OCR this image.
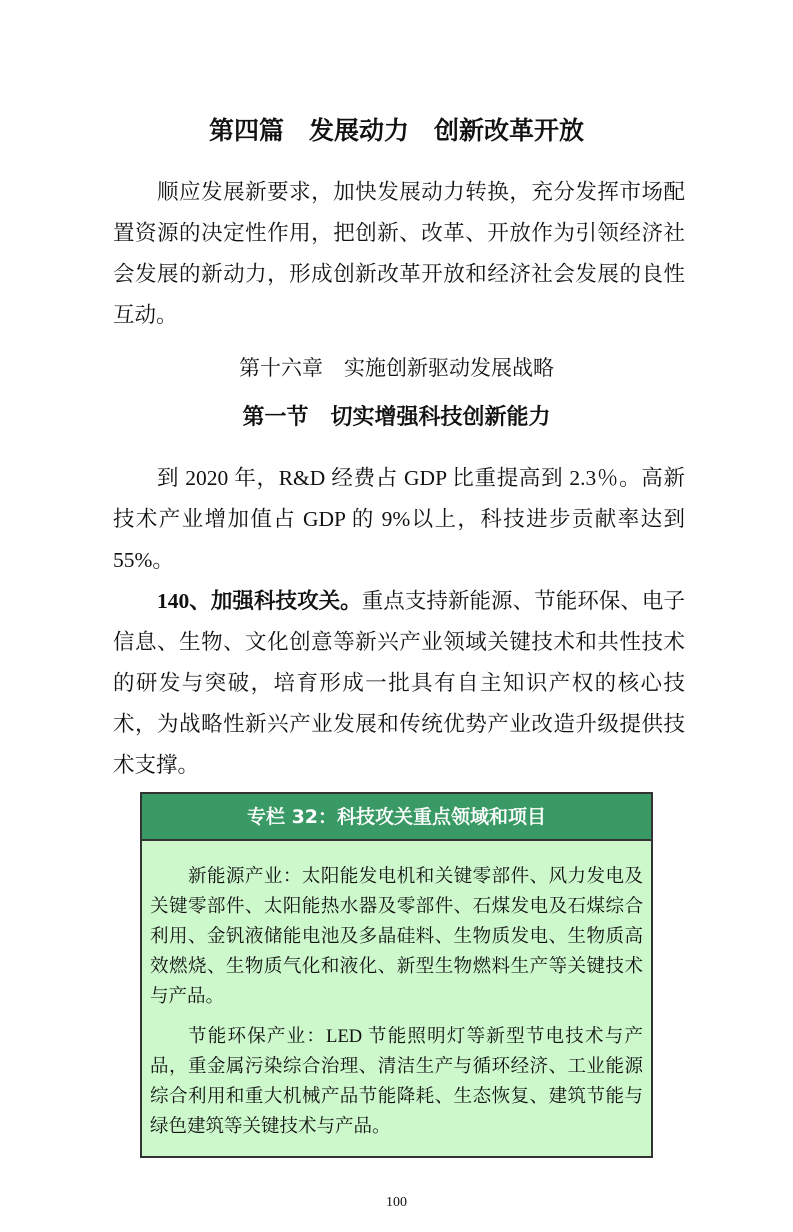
第四篇　发展动力　创新改革开放
顺应发展新要求，加快发展动力转换，充分发挥市场配置资源的决定性作用，把创新、改革、开放作为引领经济社会发展的新动力，形成创新改革开放和经济社会发展的良性互动。
第十六章　实施创新驱动发展战略
第一节　切实增强科技创新能力
到 2020 年，R&D 经费占 GDP 比重提高到 2.3％。高新技术产业增加值占 GDP 的 9%以上，科技进步贡献率达到 55%。
140、加强科技攻关。重点支持新能源、节能环保、电子信息、生物、文化创意等新兴产业领域关键技术和共性技术的研发与突破，培育形成一批具有自主知识产权的核心技术，为战略性新兴产业发展和传统优势产业改造升级提供技术支撑。
专栏 32：科技攻关重点领域和项目

新能源产业：太阳能发电机和关键零部件、风力发电及关键零部件、太阳能热水器及零部件、石煤发电及石煤综合利用、金钒液储能电池及多晶硅料、生物质发电、生物质高效燃烧、生物质气化和液化、新型生物燃料生产等关键技术与产品。

节能环保产业：LED 节能照明灯等新型节电技术与产品，重金属污染综合治理、清洁生产与循环经济、工业能源综合利用和重大机械产品节能降耗、生态恢复、建筑节能与绿色建筑等关键技术与产品。

100
